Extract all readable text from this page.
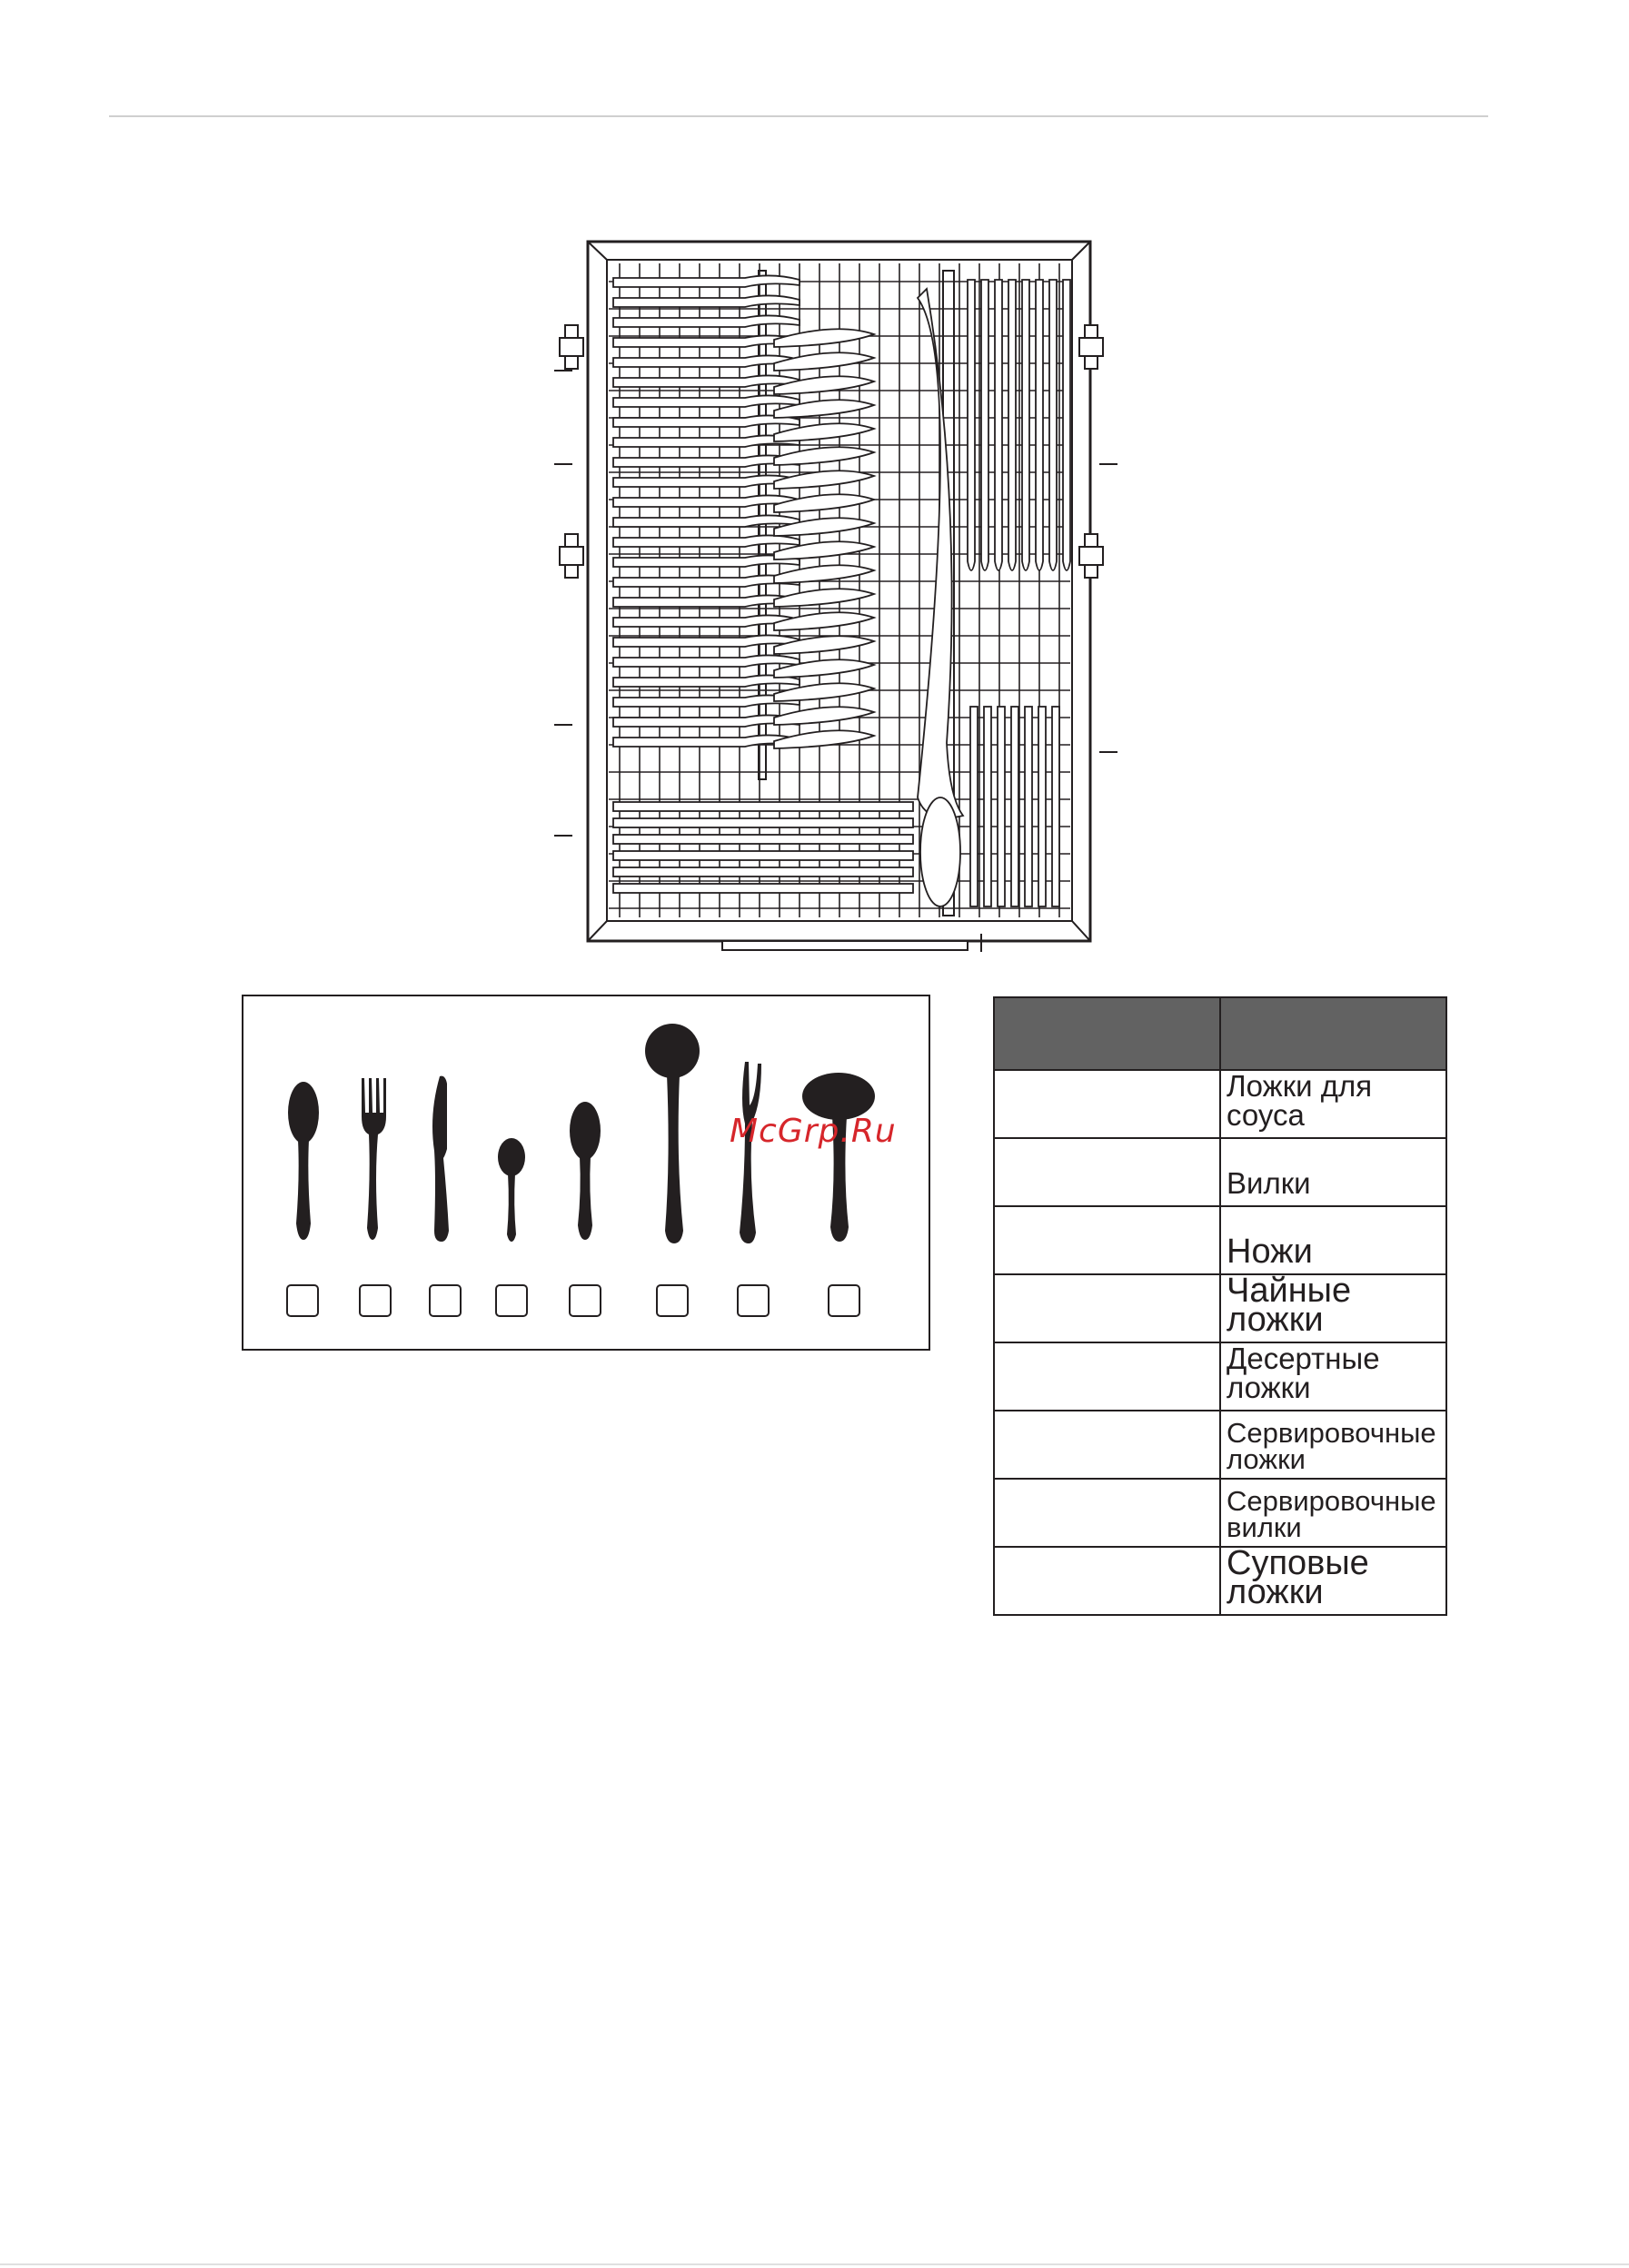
McGrp.Ru

	Ложки для соуса
	Вилки
	Ножи
	Чайные ложки
	Десертные ложки
	Сервировочные
ложки
	Сервировочные
вилки
	Суповые ложки
